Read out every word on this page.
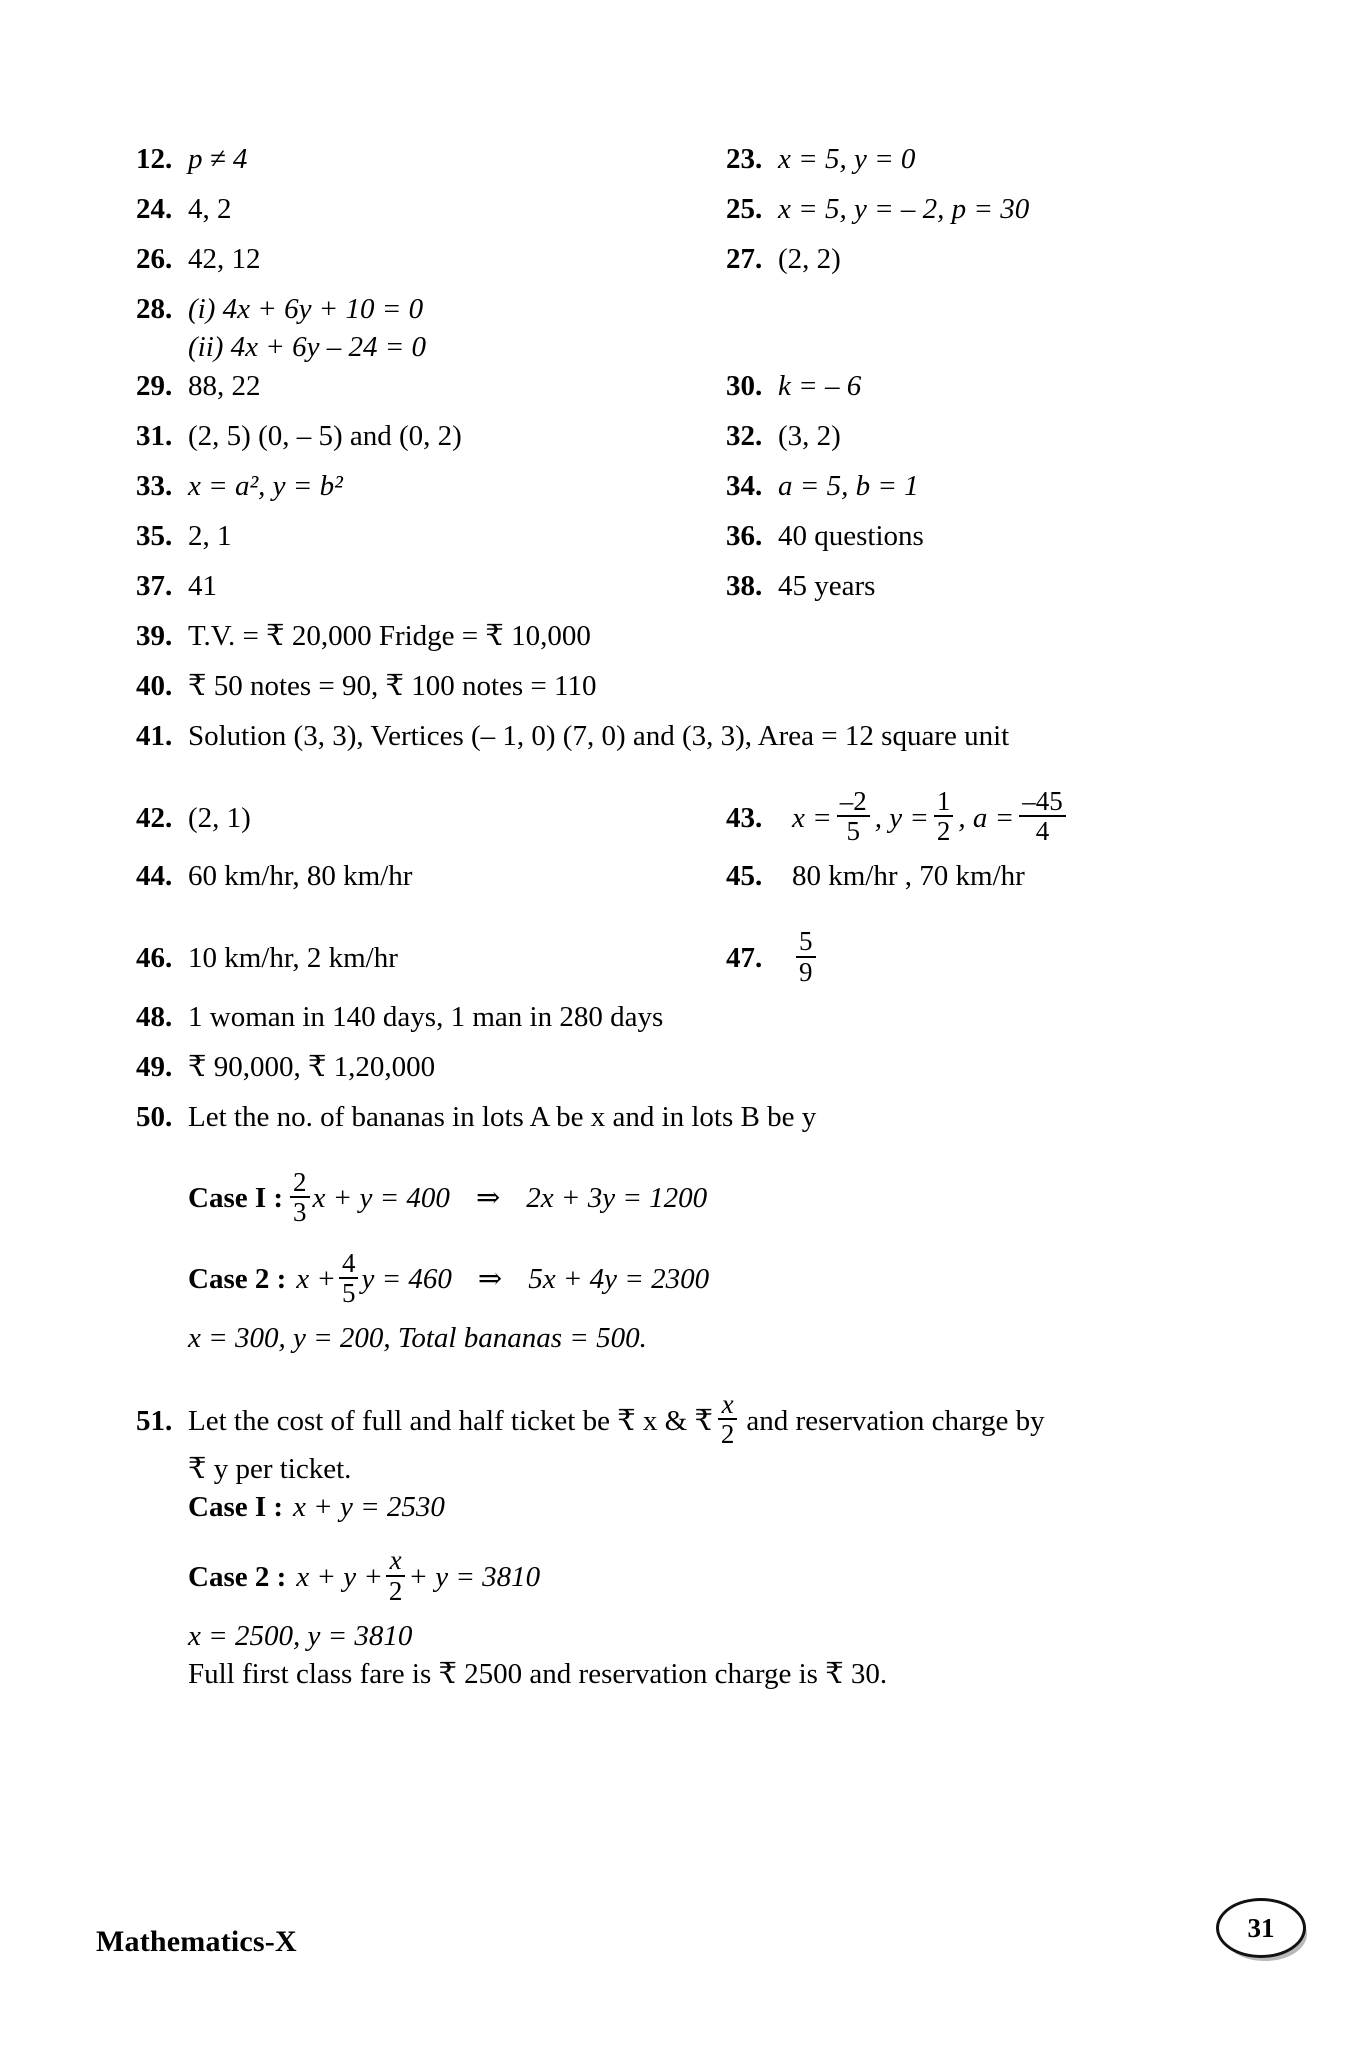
12. p ≠ 4	23. x = 5, y = 0
24. 4, 2	25. x = 5, y = – 2, p = 30
26. 42, 12	27. (2, 2)
28. (i) 4x + 6y + 10 = 0
(ii) 4x + 6y – 24 = 0
29. 88, 22	30. k = – 6
31. (2, 5) (0, – 5) and (0, 2)	32. (3, 2)
33. x = a², y = b²	34. a = 5, b = 1
35. 2, 1	36. 40 questions
37. 41	38. 45 years
39. T.V. = ₹ 20,000 Fridge = ₹ 10,000
40. ₹ 50 notes = 90, ₹ 100 notes = 110
41. Solution (3, 3), Vertices (– 1, 0) (7, 0) and (3, 3), Area = 12 square unit
42. (2, 1)	43.	$x = \frac{-2}{5}$ , $y = \frac{1}{2}$ , $a = \frac{-45}{4}$
44. 60 km/hr, 80 km/hr	45.	80 km/hr , 70 km/hr
46. 10 km/hr, 2 km/hr	47.	$\frac{5}{9}$
48. 1 woman in 140 days, 1 man in 280 days
49. ₹ 90,000, ₹ 1,20,000
50. Let the no. of bananas in lots A be x and in lots B be y
Case I : $\frac{2}{3}$ x + y = 400 ⇒ 2x + 3y = 1200
Case 2 : $x + \frac{4}{5}$ y = 460 ⇒ 5x + 4y = 2300
x = 300, y = 200, Total bananas = 500.
51. Let the cost of full and half ticket be ₹ x & ₹ $\frac{x}{2}$ and reservation charge by
₹ y per ticket.
Case I : x + y = 2530
Case 2 : $x + y + \frac{x}{2} + y = 3810$
x = 2500, y = 3810
Full first class fare is ₹ 2500 and reservation charge is ₹ 30.
Mathematics-X	31
